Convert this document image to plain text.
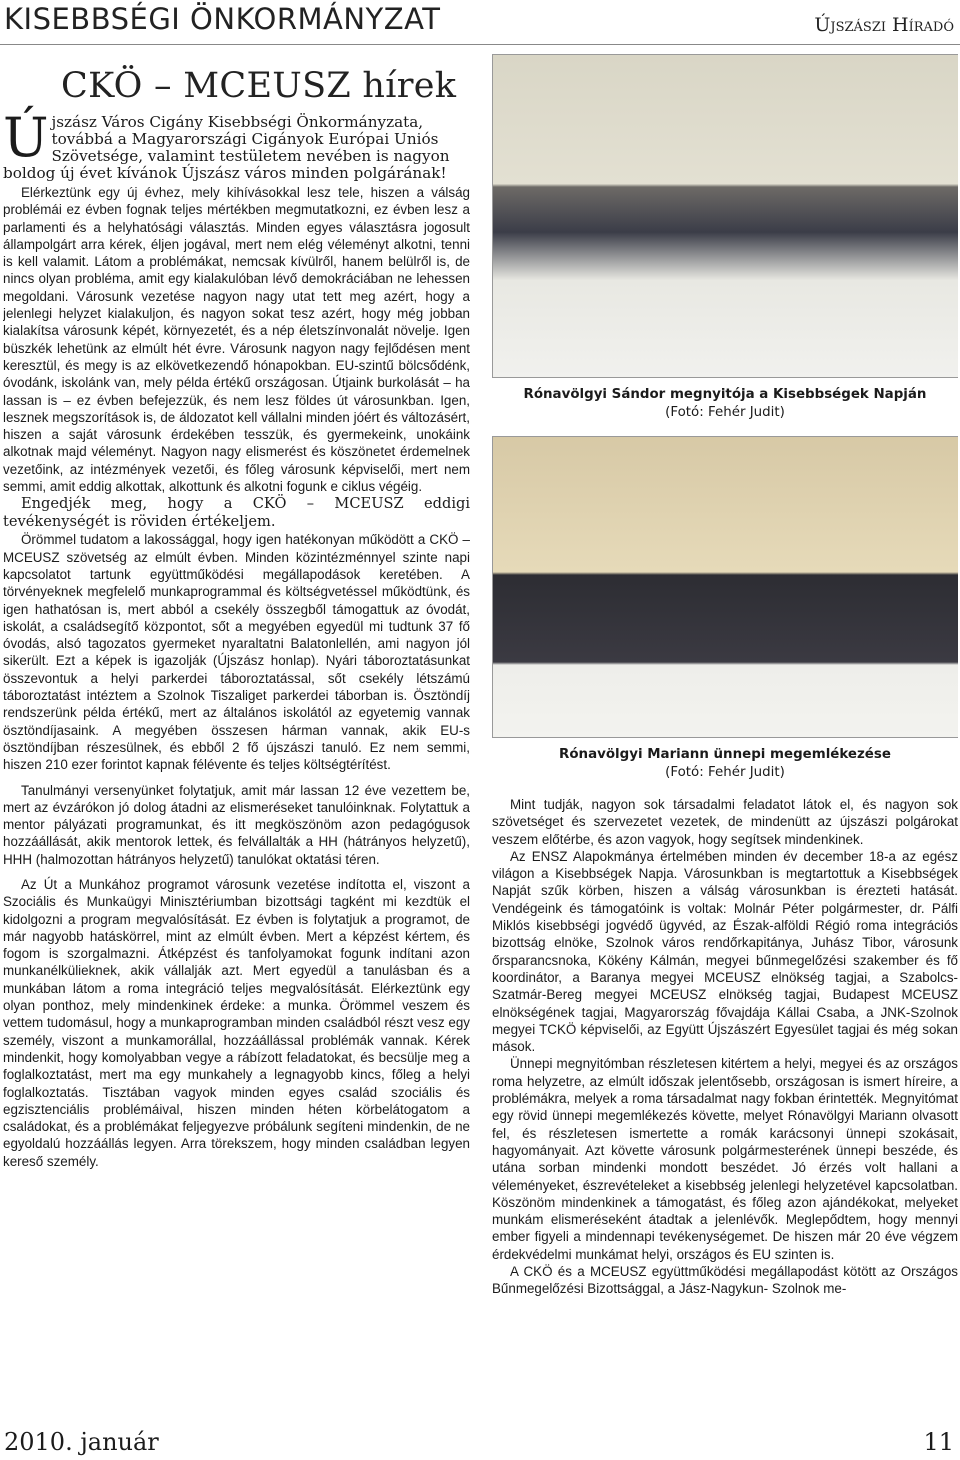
KISEBBSÉGI ÖNKORMÁNYZAT	Újszászi Híradó
CKÖ – MCEUSZ hírek
Újszász Város Cigány Kisebbségi Önkormányzata, továbbá a Magyarországi Cigányok Európai Uniós Szövetsége, valamint testületem nevében is nagyon boldog új évet kívánok Újszász város minden polgárának!

Elérkeztünk egy új évhez, mely kihívásokkal lesz tele, hiszen a válság problémái ez évben fognak teljes mértékben megmutatkozni, ez évben lesz a parlamenti és a helyhatósági választás. Minden egyes választásra jogosult állampolgárt arra kérek, éljen jogával, mert nem elég véleményt alkotni, tenni is kell valamit. Látom a problémákat, nemcsak kívülről, hanem belülről is, de nincs olyan probléma, amit egy kialakulóban lévő demokráciában ne lehessen megoldani. Városunk vezetése nagyon nagy utat tett meg azért, hogy a jelenlegi helyzet kialakuljon, és nagyon sokat tesz azért, hogy még jobban kialakítsa városunk képét, környezetét, és a nép életszínvonalát növelje. Igen büszkék lehetünk az elmúlt hét évre. Városunk nagyon nagy fejlődésen ment keresztül, és megy is az elkövetkezendő hónapokban. EU-szintű bölcsődénk, óvodánk, iskolánk van, mely példa értékű országosan. Útjaink burkolását – ha lassan is – ez évben befejezzük, és nem lesz földes út városunkban. Igen, lesznek megszorítások is, de áldozatot kell vállalni minden jóért és változásért, hiszen a saját városunk érdekében tesszük, és gyermekeink, unokáink alkotnak majd véleményt. Nagyon nagy elismerést és köszönetet érdemelnek vezetőink, az intézmények vezetői, és főleg városunk képviselői, mert nem semmi, amit eddig alkottak, alkottunk és alkotni fogunk e ciklus végéig.

Engedjék meg, hogy a CKÖ – MCEUSZ eddigi tevékenységét is röviden értékeljem.

Örömmel tudatom a lakossággal, hogy igen hatékonyan működött a CKÖ – MCEUSZ szövetség az elmúlt évben. Minden közintézménnyel szinte napi kapcsolatot tartunk együttműködési megállapodások keretében. A törvényeknek megfelelő munkaprogrammal és költségvetéssel működtünk, és igen hathatósan is, mert abból a csekély összegből támogattuk az óvodát, iskolát, a családsegítő központot, sőt a megyében egyedül mi tudtunk 37 fő óvodás, alsó tagozatos gyermeket nyaraltatni Balatonlellén, ami nagyon jól sikerült. Ezt a képek is igazolják (Újszász honlap). Nyári táboroztatásunkat összevontuk a helyi parkerdei táboroztatással, sőt csekély létszámú táboroztatást intéztem a Szolnok Tiszaliget parkerdei táborban is. Ösztöndíj rendszerünk példa értékű, mert az általános iskolától az egyetemig vannak ösztöndíjasaink. A megyében összesen hárman vannak, akik EU-s ösztöndíjban részesülnek, és ebből 2 fő újszászi tanuló. Ez nem semmi, hiszen 210 ezer forintot kapnak félévente és teljes költségtérítést.

Tanulmányi versenyünket folytatjuk, amit már lassan 12 éve vezettem be, mert az évzárókon jó dolog átadni az elismeréseket tanulóinknak. Folytattuk a mentor pályázati programunkat, és itt megköszönöm azon pedagógusok hozzáállását, akik mentorok lettek, és felvállalták a HH (hátrányos helyzetű), HHH (halmozottan hátrányos helyzetű) tanulókat oktatási téren.

Az Út a Munkához programot városunk vezetése indította el, viszont a Szociális és Munkaügyi Minisztériumban bizottsági tagként mi kezdtük el kidolgozni a program megvalósítását. Ez évben is folytatjuk a programot, de már nagyobb hatáskörrel, mint az elmúlt évben. Mert a képzést kértem, és fogom is szorgalmazni. Átképzést és tanfolyamokat fogunk indítani azon munkanélkülieknek, akik vállalják azt. Mert egyedül a tanulásban és a munkában látom a roma integráció teljes megvalósítását. Elérkeztünk egy olyan ponthoz, mely mindenkinek érdeke: a munka. Örömmel veszem és vettem tudomásul, hogy a munkaprogramban minden családból részt vesz egy személy, viszont a munkamorállal, hozzáállással problémák vannak. Kérek mindenkit, hogy komolyabban vegye a rábízott feladatokat, és becsülje meg a foglalkoztatást, mert ma egy munkahely a legnagyobb kincs, főleg a helyi foglalkoztatás. Tisztában vagyok minden egyes család szociális és egzisztenciális problémáival, hiszen minden héten körbelátogatom a családokat, és a problémákat feljegyezve próbálunk segíteni mindenkin, de ne egyoldalú hozzáállás legyen. Arra törekszem, hogy minden családban legyen kereső személy.

Rónavölgyi Sándor megnyitója a Kisebbségek Napján
(Fotó: Fehér Judit)
Rónavölgyi Mariann ünnepi megemlékezése
(Fotó: Fehér Judit)

Mint tudják, nagyon sok társadalmi feladatot látok el, és nagyon sok szövetséget és szervezetet vezetek, de mindenütt az újszászi polgárokat veszem előtérbe, és azon vagyok, hogy segítsek mindenkinek.

Az ENSZ Alapokmánya értelmében minden év december 18-a az egész világon a Kisebbségek Napja. Városunkban is megtartottuk a Kisebbségek Napját szűk körben, hiszen a válság városunkban is érezteti hatását. Vendégeink és támogatóink is voltak: Molnár Péter polgármester, dr. Pálfi Miklós kisebbségi jogvédő ügyvéd, az Észak-alföldi Régió roma integrációs bizottság elnöke, Szolnok város rendőrkapitánya, Juhász Tibor, városunk őrsparancsnoka, Kökény Kálmán, megyei bűnmegelőzési szakember és fő koordinátor, a Baranya megyei MCEUSZ elnökség tagjai, a Szabolcs-Szatmár-Bereg megyei MCEUSZ elnökség tagjai, Budapest MCEUSZ elnökségének tagjai, Magyarország fővajdája Kállai Csaba, a JNK-Szolnok megyei TCKÖ képviselői, az Együtt Újszászért Egyesület tagjai és még sokan mások.

Ünnepi megnyitómban részletesen kitértem a helyi, megyei és az országos roma helyzetre, az elmúlt időszak jelentősebb, országosan is ismert híreire, a problémákra, melyek a roma társadalmat nagy fokban érintették. Megnyitómat egy rövid ünnepi megemlékezés követte, melyet Rónavölgyi Mariann olvasott fel, és részletesen ismertette a romák karácsonyi ünnepi szokásait, hagyományait. Azt követte városunk polgármesterének ünnepi beszéde, és utána sorban mindenki mondott beszédet. Jó érzés volt hallani a véleményeket, észrevételeket a kisebbség jelenlegi helyzetével kapcsolatban. Köszönöm mindenkinek a támogatást, és főleg azon ajándékokat, melyeket munkám elismeréseként átadtak a jelenlévők. Meglepődtem, hogy mennyi ember figyeli a mindennapi tevékenységemet. De hiszen már 20 éve végzem érdekvédelmi munkámat helyi, országos és EU szinten is.

A CKÖ és a MCEUSZ együttműködési megállapodást kötött az Országos Bűnmegelőzési Bizottsággal, a Jász-Nagykun- Szolnok me-

2010. január	11
